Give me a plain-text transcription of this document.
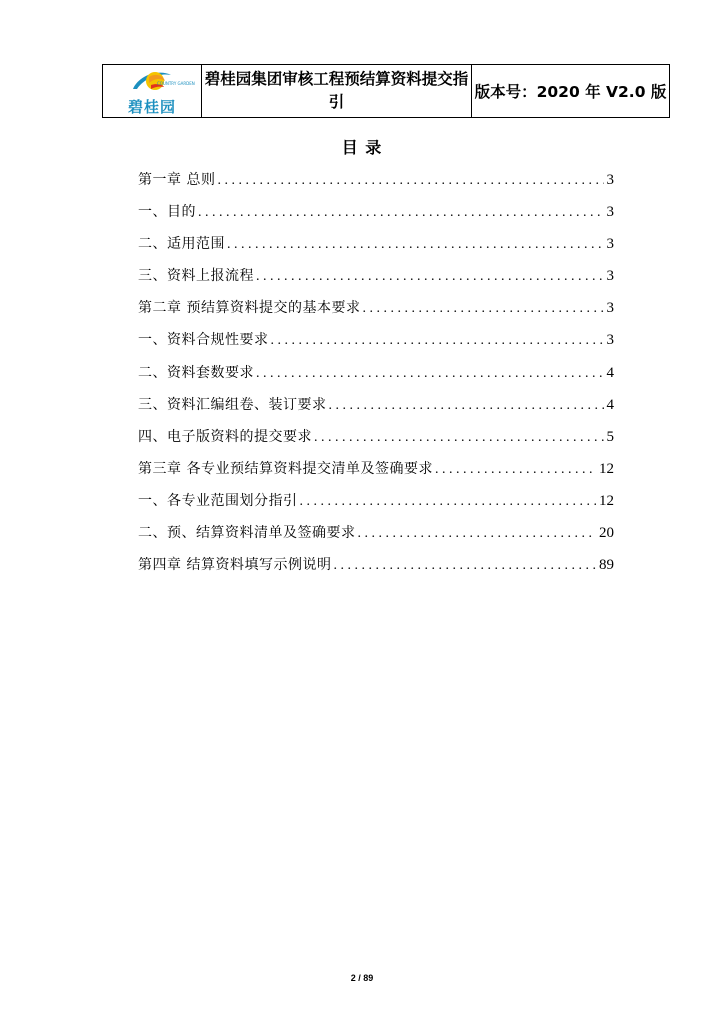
COUNTRY GARDEN
碧桂园
	碧桂园集团审核工程预结算资料提交指引	版本号：2020 年 V2.0 版
目 录
第一章 总则 . . .	3
一、目的 . . .	3
二、适用范围 . . .	3
三、资料上报流程 . . .	3
第二章 预结算资料提交的基本要求 . . .	3
一、资料合规性要求 . . .	3
二、资料套数要求 . . .	4
三、资料汇编组卷、装订要求 . . .	4
四、电子版资料的提交要求 . . .	5
第三章 各专业预结算资料提交清单及签确要求 . . .	12
一、各专业范围划分指引 . . .	12
二、预、结算资料清单及签确要求 . . .	20
第四章 结算资料填写示例说明 . . .	89
2 / 89
